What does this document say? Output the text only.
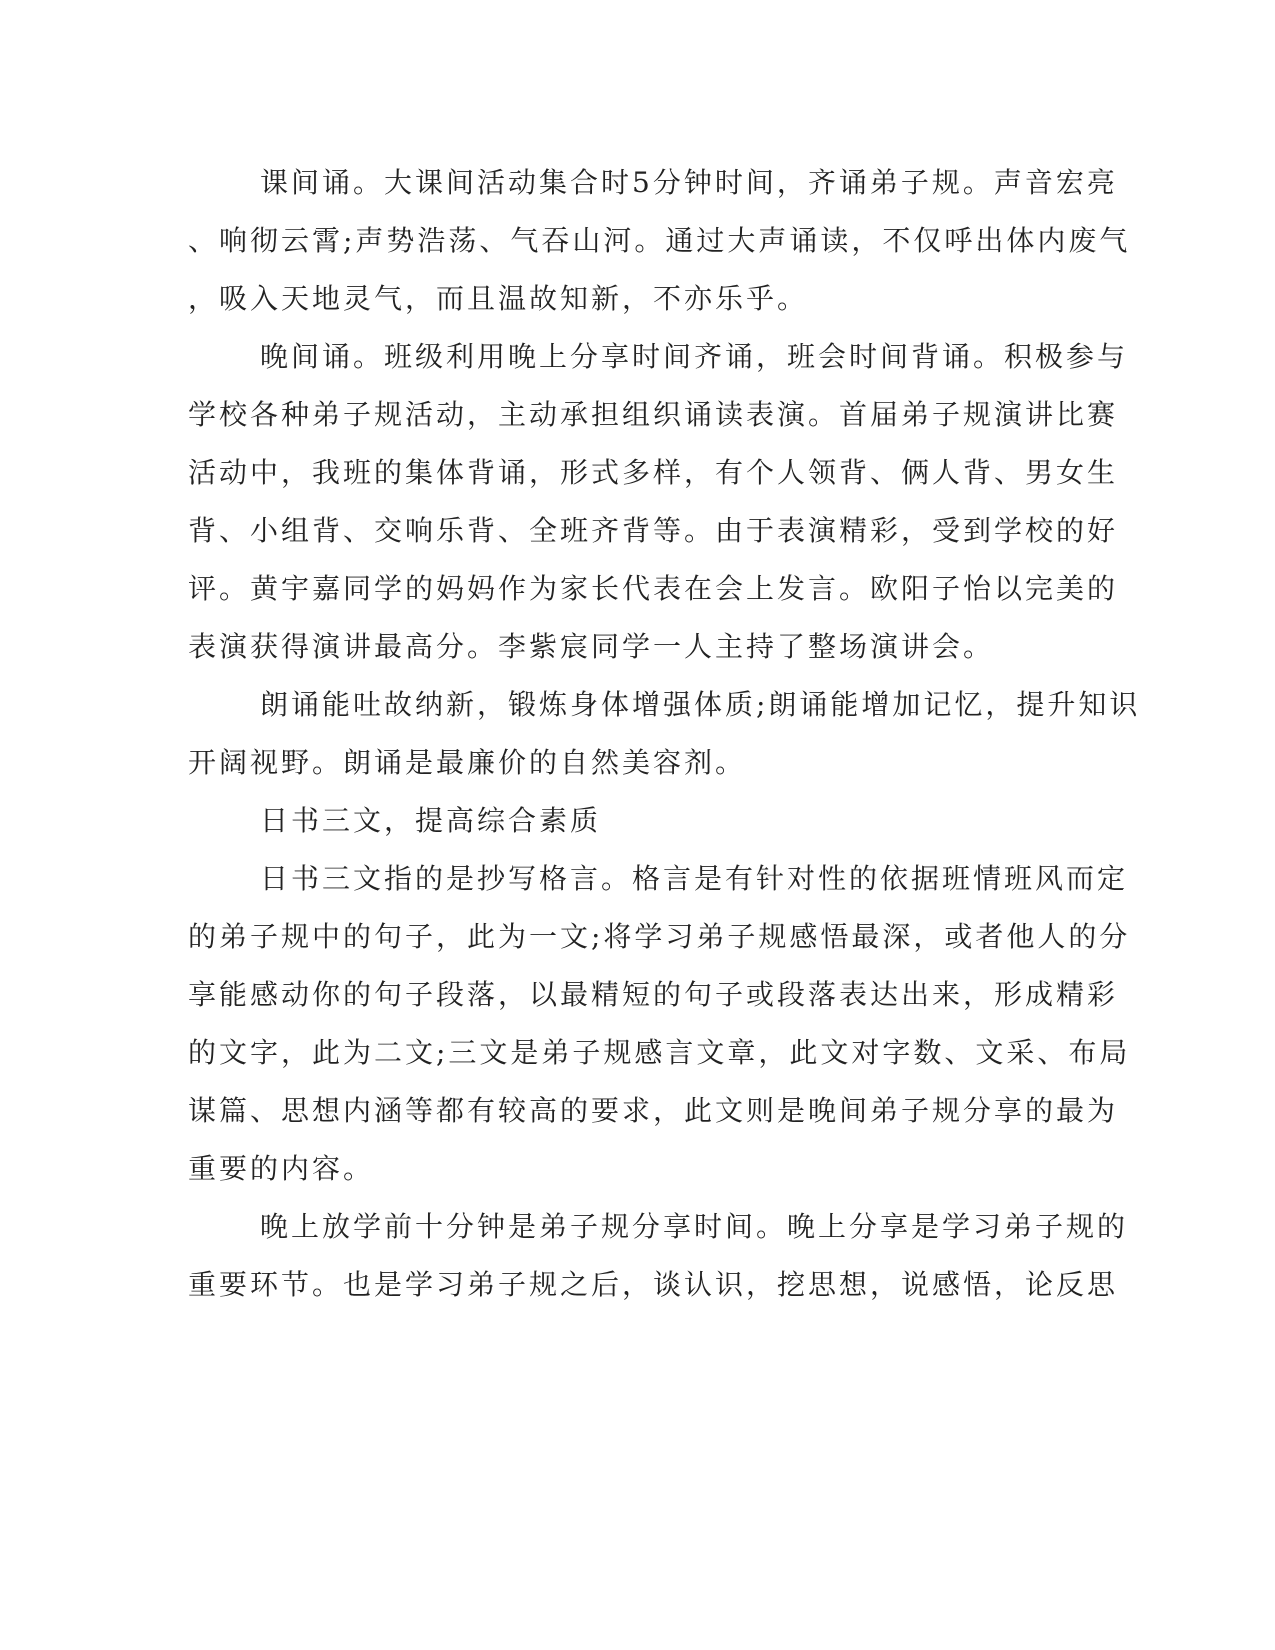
课间诵。大课间活动集合时5分钟时间，齐诵弟子规。声音宏亮
、响彻云霄;声势浩荡、气吞山河。通过大声诵读，不仅呼出体内废气
，吸入天地灵气，而且温故知新，不亦乐乎。
晚间诵。班级利用晚上分享时间齐诵，班会时间背诵。积极参与
学校各种弟子规活动，主动承担组织诵读表演。首届弟子规演讲比赛
活动中，我班的集体背诵，形式多样，有个人领背、俩人背、男女生
背、小组背、交响乐背、全班齐背等。由于表演精彩，受到学校的好
评。黄宇嘉同学的妈妈作为家长代表在会上发言。欧阳子怡以完美的
表演获得演讲最高分。李紫宸同学一人主持了整场演讲会。
朗诵能吐故纳新，锻炼身体增强体质;朗诵能增加记忆，提升知识
开阔视野。朗诵是最廉价的自然美容剂。
日书三文，提高综合素质
日书三文指的是抄写格言。格言是有针对性的依据班情班风而定
的弟子规中的句子，此为一文;将学习弟子规感悟最深，或者他人的分
享能感动你的句子段落，以最精短的句子或段落表达出来，形成精彩
的文字，此为二文;三文是弟子规感言文章，此文对字数、文采、布局
谋篇、思想内涵等都有较高的要求，此文则是晚间弟子规分享的最为
重要的内容。
晚上放学前十分钟是弟子规分享时间。晚上分享是学习弟子规的
重要环节。也是学习弟子规之后，谈认识，挖思想，说感悟，论反思
